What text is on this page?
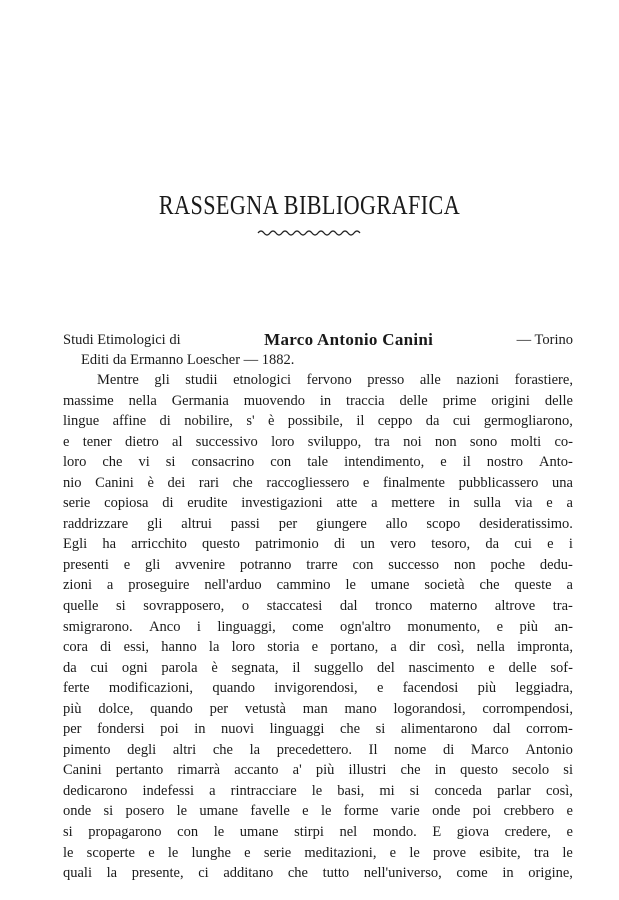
RASSEGNA BIBLIOGRAFICA
Studi Etimologici di	Marco Antonio Canini	— Torino
Editi da Ermanno Loescher — 1882.
Mentre gli studii etnologici fervono presso alle nazioni forastiere,
massime nella Germania muovendo in traccia delle prime origini delle
lingue affine di nobilire, s' è possibile, il ceppo da cui germogliarono,
e tener dietro al successivo loro sviluppo, tra noi non sono molti co-
loro che vi si consacrino con tale intendimento, e il nostro Anto-
nio Canini è dei rari che raccogliessero e finalmente pubblicassero una
serie copiosa di erudite investigazioni atte a mettere in sulla via e a
raddrizzare gli altrui passi per giungere allo scopo desideratissimo.
Egli ha arricchito questo patrimonio di un vero tesoro, da cui e i
presenti e gli avvenire potranno trarre con successo non poche dedu-
zioni a proseguire nell'arduo cammino le umane società che queste a
quelle si sovrapposero, o staccatesi dal tronco materno altrove tra-
smigrarono. Anco i linguaggi, come ogn'altro monumento, e più an-
cora di essi, hanno la loro storia e portano, a dir così, nella impronta,
da cui ogni parola è segnata, il suggello del nascimento e delle sof-
ferte modificazioni, quando invigorendosi, e facendosi più leggiadra,
più dolce, quando per vetustà man mano logorandosi, corrompendosi,
per fondersi poi in nuovi linguaggi che si alimentarono dal corrom-
pimento degli altri che la precedettero. Il nome di Marco Antonio
Canini pertanto rimarrà accanto a' più illustri che in questo secolo si
dedicarono indefessi a rintracciare le basi, mi si conceda parlar così,
onde si posero le umane favelle e le forme varie onde poi crebbero e
si propagarono con le umane stirpi nel mondo. E giova credere, e
le scoperte e le lunghe e serie meditazioni, e le prove esibite, tra le
quali la presente, ci additano che tutto nell'universo, come in origine,
